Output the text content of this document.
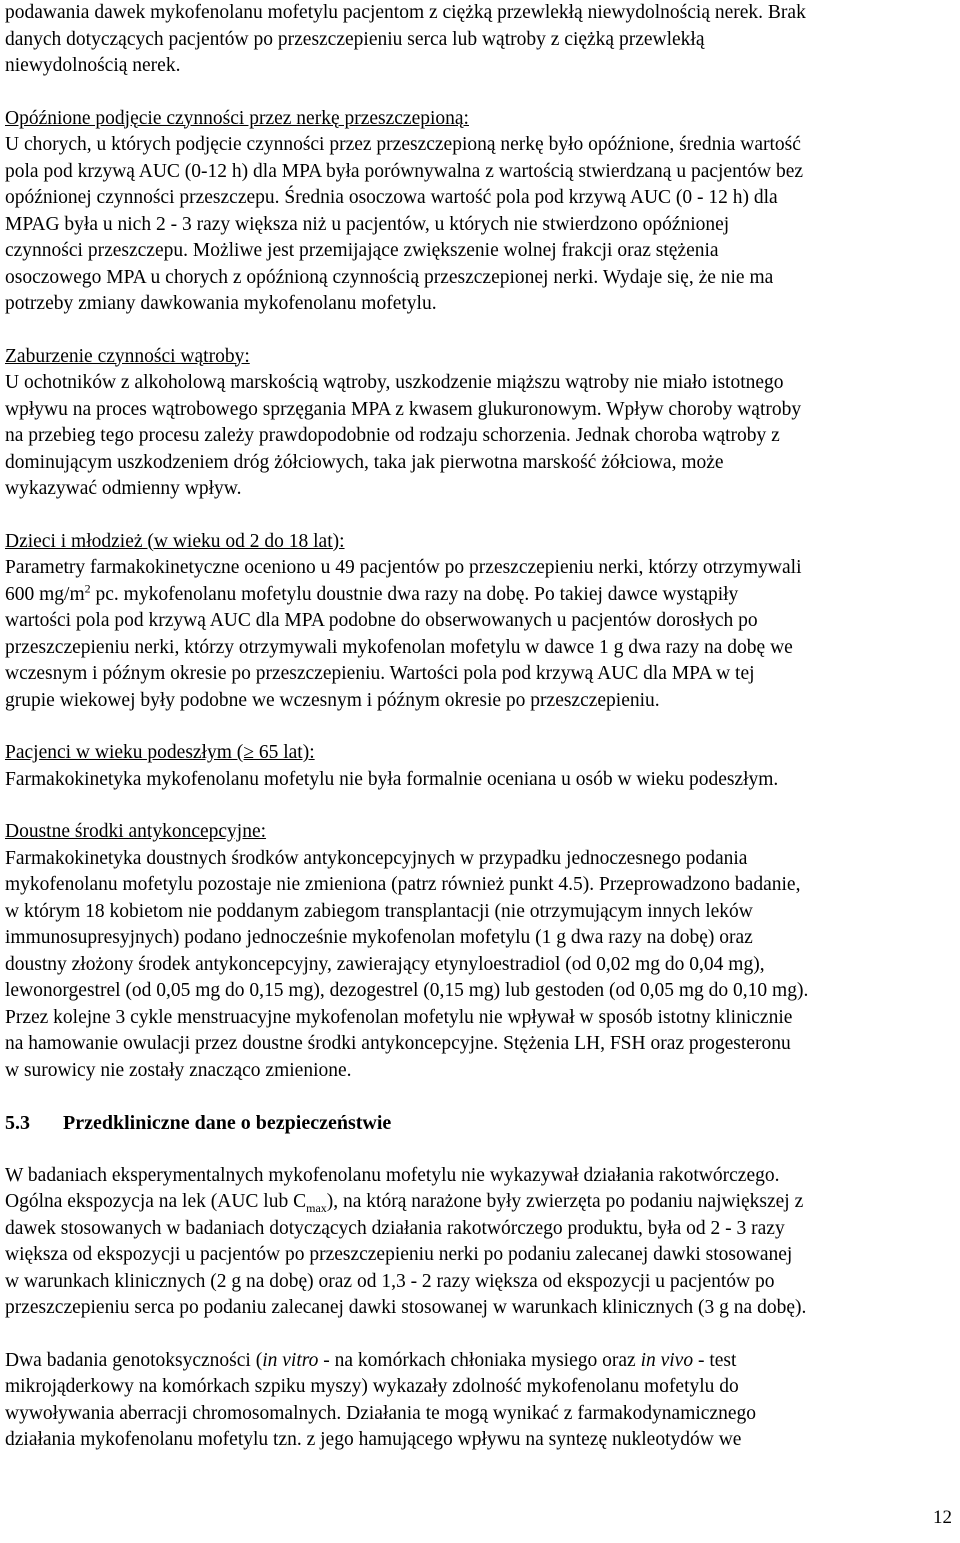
podawania dawek mykofenolanu mofetylu pacjentom z ciężką przewlekłą niewydolnością nerek. Brak
danych dotyczących pacjentów po przeszczepieniu serca lub wątroby z ciężką przewlekłą
niewydolnością nerek.

Opóźnione podjęcie czynności przez nerkę przeszczepioną:

U chorych, u których podjęcie czynności przez przeszczepioną nerkę było opóźnione, średnia wartość
pola pod krzywą AUC (0-12 h) dla MPA była porównywalna z wartością stwierdzaną u pacjentów bez
opóźnionej czynności przeszczepu. Średnia osoczowa wartość pola pod krzywą AUC (0 - 12 h) dla
MPAG była u nich 2 - 3 razy większa niż u pacjentów, u których nie stwierdzono opóźnionej
czynności przeszczepu. Możliwe jest przemijające zwiększenie wolnej frakcji oraz stężenia
osoczowego MPA u chorych z opóźnioną czynnością przeszczepionej nerki. Wydaje się, że nie ma
potrzeby zmiany dawkowania mykofenolanu mofetylu.

Zaburzenie czynności wątroby:

U ochotników z alkoholową marskością wątroby, uszkodzenie miąższu wątroby nie miało istotnego
wpływu na proces wątrobowego sprzęgania MPA z kwasem glukuronowym. Wpływ choroby wątroby
na przebieg tego procesu zależy prawdopodobnie od rodzaju schorzenia. Jednak choroba wątroby z
dominującym uszkodzeniem dróg żółciowych, taka jak pierwotna marskość żółciowa, może
wykazywać odmienny wpływ.

Dzieci i młodzież (w wieku od 2 do 18 lat):

Parametry farmakokinetyczne oceniono u 49 pacjentów po przeszczepieniu nerki, którzy otrzymywali
600 $mg/m^2$ pc. mykofenolanu mofetylu doustnie dwa razy na dobę. Po takiej dawce wystąpiły
wartości pola pod krzywą AUC dla MPA podobne do obserwowanych u pacjentów dorosłych po
przeszczepieniu nerki, którzy otrzymywali mykofenolan mofetylu w dawce 1 g dwa razy na dobę we
wczesnym i późnym okresie po przeszczepieniu. Wartości pola pod krzywą AUC dla MPA w tej
grupie wiekowej były podobne we wczesnym i późnym okresie po przeszczepieniu.

Pacjenci w wieku podeszłym (≥ 65 lat):

Farmakokinetyka mykofenolanu mofetylu nie była formalnie oceniana u osób w wieku podeszłym.

Doustne środki antykoncepcyjne:

Farmakokinetyka doustnych środków antykoncepcyjnych w przypadku jednoczesnego podania
mykofenolanu mofetylu pozostaje nie zmieniona (patrz również punkt 4.5). Przeprowadzono badanie,
w którym 18 kobietom nie poddanym zabiegom transplantacji (nie otrzymującym innych leków
immunosupresyjnych) podano jednocześnie mykofenolan mofetylu (1 g dwa razy na dobę) oraz
doustny złożony środek antykoncepcyjny, zawierający etynyloestradiol (od 0,02 mg do 0,04 mg),
lewonorgestrel (od 0,05 mg do 0,15 mg), dezogestrel (0,15 mg) lub gestoden (od 0,05 mg do 0,10 mg).
Przez kolejne 3 cykle menstruacyjne mykofenolan mofetylu nie wpływał w sposób istotny klinicznie
na hamowanie owulacji przez doustne środki antykoncepcyjne. Stężenia LH, FSH oraz progesteronu
w surowicy nie zostały znacząco zmienione.

5.3 Przedkliniczne dane o bezpieczeństwie

W badaniach eksperymentalnych mykofenolanu mofetylu nie wykazywał działania rakotwórczego.
Ogólna ekspozycja na lek (AUC lub $C_{max}$), na którą narażone były zwierzęta po podaniu największej z
dawek stosowanych w badaniach dotyczących działania rakotwórczego produktu, była od 2 - 3 razy
większa od ekspozycji u pacjentów po przeszczepieniu nerki po podaniu zalecanej dawki stosowanej
w warunkach klinicznych (2 g na dobę) oraz od 1,3 - 2 razy większa od ekspozycji u pacjentów po
przeszczepieniu serca po podaniu zalecanej dawki stosowanej w warunkach klinicznych (3 g na dobę).

Dwa badania genotoksyczności (in vitro - na komórkach chłoniaka mysiego oraz in vivo - test
mikrojąderkowy na komórkach szpiku myszy) wykazały zdolność mykofenolanu mofetylu do
wywoływania aberracji chromosomalnych. Działania te mogą wynikać z farmakodynamicznego
działania mykofenolanu mofetylu tzn. z jego hamującego wpływu na syntezę nukleotydów we

12
